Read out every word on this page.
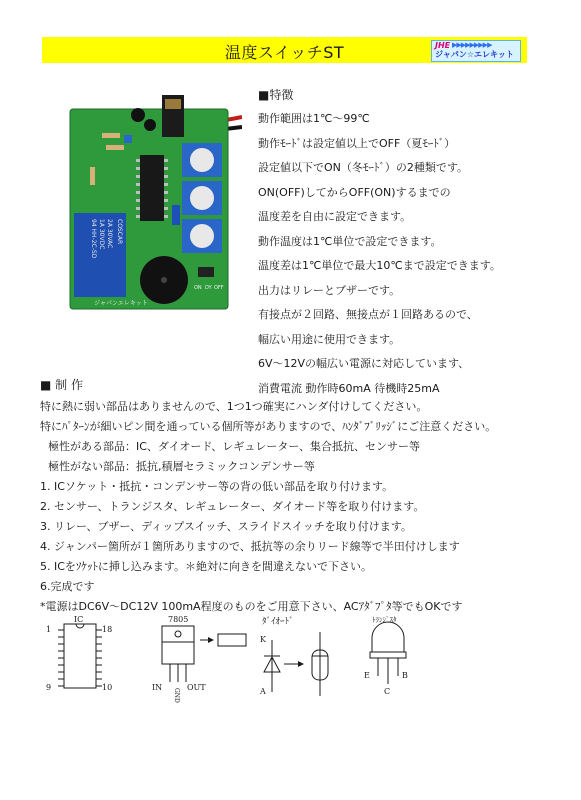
温度スイッチST	▶▶▶▶▶▶▶▶▶
JHE
ジャパン☆エレキット
94 HH-2C-SD 1A 30VDC 2A 30VAC COSCAR
ON DY OFF
ジャパンエレキット
■特徴
動作範囲は1℃～99℃
動作ﾓｰﾄﾞは設定値以上でOFF（夏ﾓｰﾄﾞ）
設定値以下でON（冬ﾓｰﾄﾞ）の2種類です。
ON(OFF)してからOFF(ON)するまでの
温度差を自由に設定できます。
動作温度は1℃単位で設定できます。
温度差は1℃単位で最大10℃まで設定できます。
出力はリレーとブザーです。
有接点が２回路、無接点が１回路あるので、
幅広い用途に使用できます。
6V～12Vの幅広い電源に対応しています、
消費電流 動作時60mA 待機時25mA
■ 制 作
特に熱に弱い部品はありませんので、1つ1つ確実にハンダ付けしてください。
特にﾊﾟﾀｰﾝが細いピン間を通っている個所等がありますので、ﾊﾝﾀﾞﾌﾞﾘｯｼﾞにご注意ください。
極性がある部品：IC、ダイオード、レギュレーター、集合抵抗、センサー等
極性がない部品：抵抗,積層セラミックコンデンサー等
1. ICソケット・抵抗・コンデンサー等の背の低い部品を取り付けます。
2. センサー、トランジスタ、レギュレーター、ダイオード等を取り付けます。
3. リレー、ブザー、ディップスイッチ、スライドスイッチを取り付けます。
4. ジャンパー箇所が１箇所ありますので、抵抗等の余りリード線等で半田付けします
5. ICをｿｹｯﾄに挿し込みます。＊絶対に向きを間違えないで下さい。
6.完成です
*電源はDC6V～DC12V 100mA程度のものをご用意下さい、ACｱﾀﾞﾌﾟﾀ等でもOKです
IC
1	18
9	10
7805
IN	OUT
GND
ﾀﾞｲｵｰﾄﾞ
K
A
ﾄﾗﾝｼﾞｽﾀ
E	B
C
